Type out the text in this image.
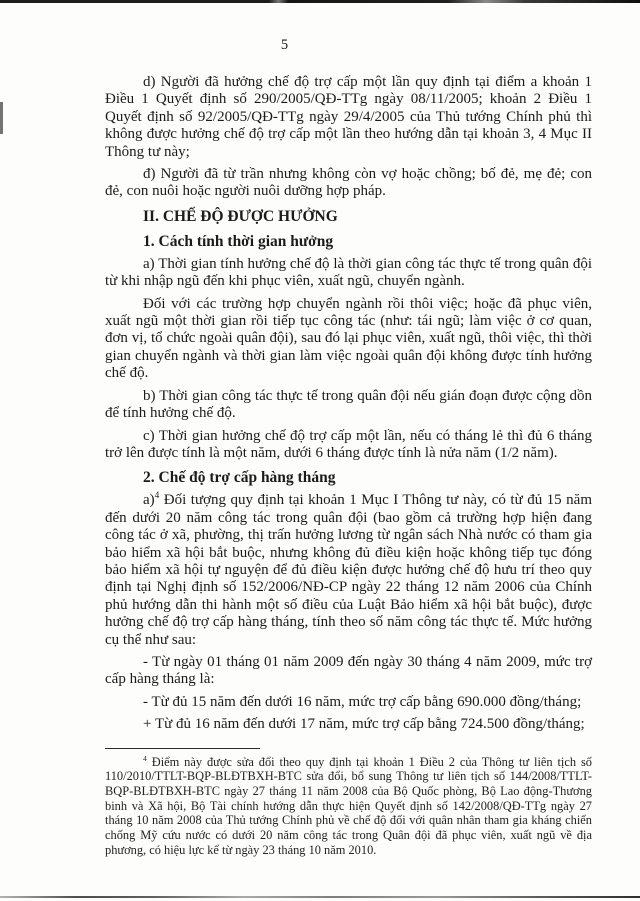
5

d) Người đã hưởng chế độ trợ cấp một lần quy định tại điểm a khoản 1 Điều 1 Quyết định số 290/2005/QĐ-TTg ngày 08/11/2005; khoản 2 Điều 1 Quyết định số 92/2005/QĐ-TTg ngày 29/4/2005 của Thủ tướng Chính phủ thì không được hưởng chế độ trợ cấp một lần theo hướng dẫn tại khoản 3, 4 Mục II Thông tư này;

đ) Người đã từ trần nhưng không còn vợ hoặc chồng; bố đẻ, mẹ đẻ; con đẻ, con nuôi hoặc người nuôi dưỡng hợp pháp.

II. CHẾ ĐỘ ĐƯỢC HƯỞNG

1. Cách tính thời gian hưởng

a) Thời gian tính hưởng chế độ là thời gian công tác thực tế trong quân đội từ khi nhập ngũ đến khi phục viên, xuất ngũ, chuyển ngành.

Đối với các trường hợp chuyển ngành rồi thôi việc; hoặc đã phục viên, xuất ngũ một thời gian rồi tiếp tục công tác (như: tái ngũ; làm việc ở cơ quan, đơn vị, tổ chức ngoài quân đội), sau đó lại phục viên, xuất ngũ, thôi việc, thì thời gian chuyển ngành và thời gian làm việc ngoài quân đội không được tính hưởng chế độ.

b) Thời gian công tác thực tế trong quân đội nếu gián đoạn được cộng dồn để tính hưởng chế độ.

c) Thời gian hưởng chế độ trợ cấp một lần, nếu có tháng lẻ thì đủ 6 tháng trở lên được tính là một năm, dưới 6 tháng được tính là nửa năm (1/2 năm).

2. Chế độ trợ cấp hàng tháng

a)$^4$ Đối tượng quy định tại khoản 1 Mục I Thông tư này, có từ đủ 15 năm đến dưới 20 năm công tác trong quân đội (bao gồm cả trường hợp hiện đang công tác ở xã, phường, thị trấn hưởng lương từ ngân sách Nhà nước có tham gia bảo hiểm xã hội bắt buộc, nhưng không đủ điều kiện hoặc không tiếp tục đóng bảo hiểm xã hội tự nguyện để đủ điều kiện được hưởng chế độ hưu trí theo quy định tại Nghị định số 152/2006/NĐ-CP ngày 22 tháng 12 năm 2006 của Chính phủ hướng dẫn thi hành một số điều của Luật Bảo hiểm xã hội bắt buộc), được hưởng chế độ trợ cấp hàng tháng, tính theo số năm công tác thực tế. Mức hưởng cụ thể như sau:

- Từ ngày 01 tháng 01 năm 2009 đến ngày 30 tháng 4 năm 2009, mức trợ cấp hàng tháng là:

- Từ đủ 15 năm đến dưới 16 năm, mức trợ cấp bằng 690.000 đồng/tháng;

+ Từ đủ 16 năm đến dưới 17 năm, mức trợ cấp bằng 724.500 đồng/tháng;

$^4$ Điểm này được sửa đổi theo quy định tại khoản 1 Điều 2 của Thông tư liên tịch số 110/2010/TTLT-BQP-BLĐTBXH-BTC sửa đổi, bổ sung Thông tư liên tịch số 144/2008/TTLT-BQP-BLĐTBXH-BTC ngày 27 tháng 11 năm 2008 của Bộ Quốc phòng, Bộ Lao động-Thương binh và Xã hội, Bộ Tài chính hướng dẫn thực hiện Quyết định số 142/2008/QĐ-TTg ngày 27 tháng 10 năm 2008 của Thủ tướng Chính phủ về chế độ đối với quân nhân tham gia kháng chiến chống Mỹ cứu nước có dưới 20 năm công tác trong Quân đội đã phục viên, xuất ngũ về địa phương, có hiệu lực kể từ ngày 23 tháng 10 năm 2010.
